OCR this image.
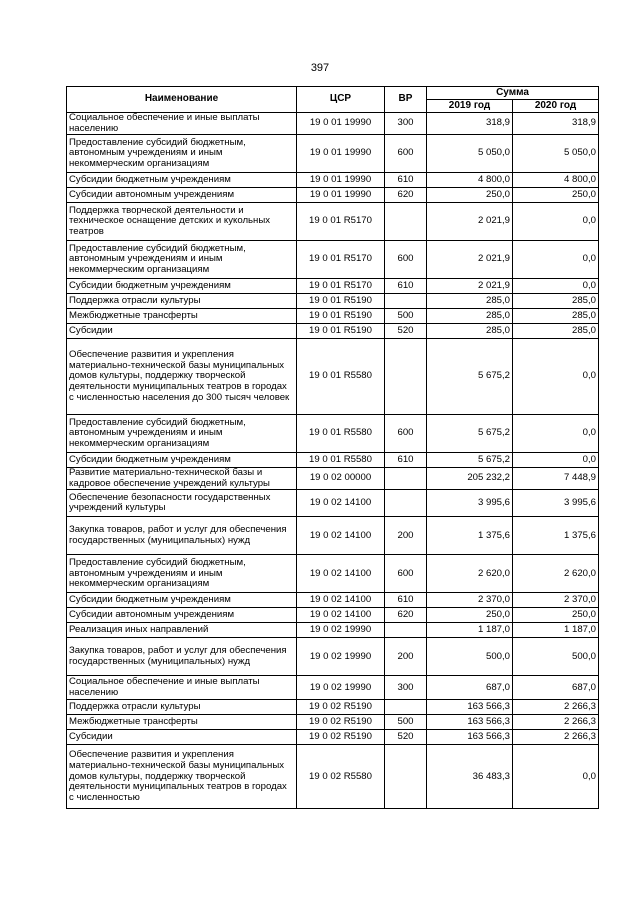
397
Наименование	ЦСР	ВР	Сумма	
			2019 год	2020 год
Социальное обеспечение и иные выплаты населению	19 0 01 19990	300	318,9	318,9
Предоставление субсидий бюджетным, автономным учреждениям и иным некоммерческим организациям	19 0 01 19990	600	5 050,0	5 050,0
Субсидии бюджетным учреждениям	19 0 01 19990	610	4 800,0	4 800,0
Субсидии автономным учреждениям	19 0 01 19990	620	250,0	250,0
Поддержка творческой деятельности и техническое оснащение детских и кукольных театров	19 0 01 R5170		2 021,9	0,0
Предоставление субсидий бюджетным, автономным учреждениям и иным некоммерческим организациям	19 0 01 R5170	600	2 021,9	0,0
Субсидии бюджетным учреждениям	19 0 01 R5170	610	2 021,9	0,0
Поддержка отрасли культуры	19 0 01 R5190		285,0	285,0
Межбюджетные трансферты	19 0 01 R5190	500	285,0	285,0
Субсидии	19 0 01 R5190	520	285,0	285,0
Обеспечение развития и укрепления материально-технической базы муниципальных домов культуры, поддержку творческой деятельности муниципальных театров в городах с численностью населения до 300 тысяч человек	19 0 01 R5580		5 675,2	0,0
Предоставление субсидий бюджетным, автономным учреждениям и иным некоммерческим организациям	19 0 01 R5580	600	5 675,2	0,0
Субсидии бюджетным учреждениям	19 0 01 R5580	610	5 675,2	0,0
Развитие материально-технической базы и кадровое обеспечение учреждений культуры	19 0 02 00000		205 232,2	7 448,9
Обеспечение безопасности государственных учреждений культуры	19 0 02 14100		3 995,6	3 995,6
Закупка товаров, работ и услуг для обеспечения государственных (муниципальных) нужд	19 0 02 14100	200	1 375,6	1 375,6
Предоставление субсидий бюджетным, автономным учреждениям и иным некоммерческим организациям	19 0 02 14100	600	2 620,0	2 620,0
Субсидии бюджетным учреждениям	19 0 02 14100	610	2 370,0	2 370,0
Субсидии автономным учреждениям	19 0 02 14100	620	250,0	250,0
Реализация иных направлений	19 0 02 19990		1 187,0	1 187,0
Закупка товаров, работ и услуг для обеспечения государственных (муниципальных) нужд	19 0 02 19990	200	500,0	500,0
Социальное обеспечение и иные выплаты населению	19 0 02 19990	300	687,0	687,0
Поддержка отрасли культуры	19 0 02 R5190		163 566,3	2 266,3
Межбюджетные трансферты	19 0 02 R5190	500	163 566,3	2 266,3
Субсидии	19 0 02 R5190	520	163 566,3	2 266,3
Обеспечение развития и укрепления материально-технической базы муниципальных домов культуры, поддержку творческой деятельности муниципальных театров в городах с численностью	19 0 02 R5580		36 483,3	0,0
